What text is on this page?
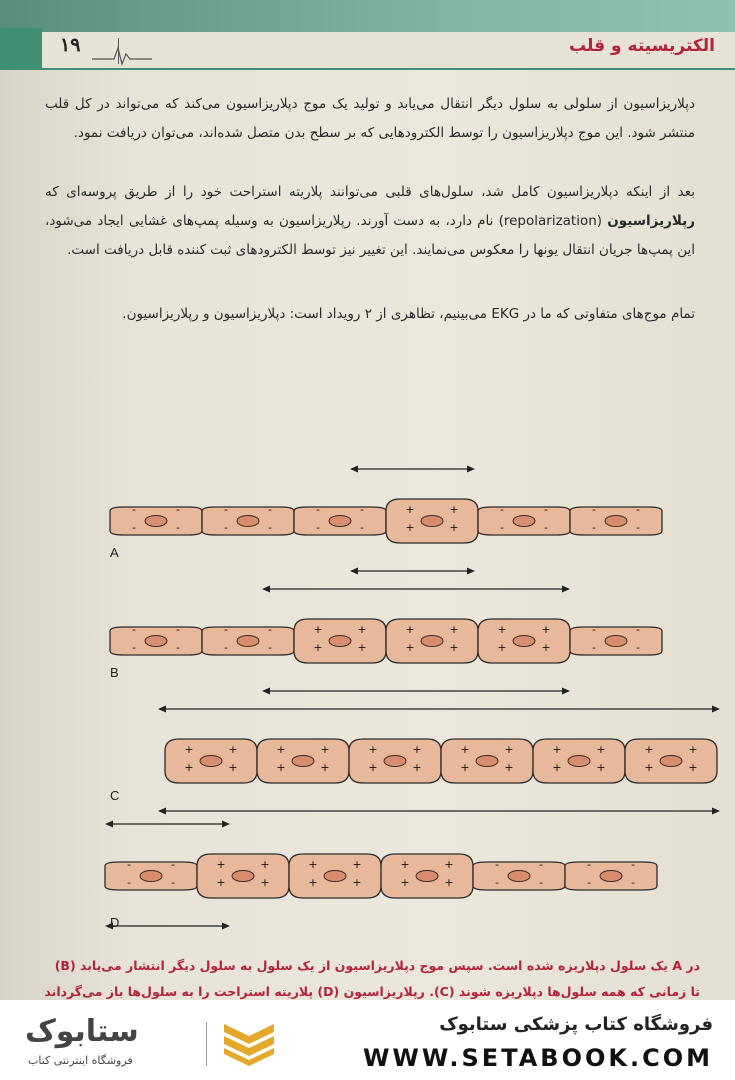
۱۹	الکتریسیته و قلب
دپلاریزاسیون از سلولی به سلول دیگر انتقال می‌یابد و تولید یک موج دپلاریزاسیون می‌کند که می‌تواند در کل قلب منتشر شود. این موج دپلاریزاسیون را توسط الکترودهایی که بر سطح بدن متصل شده‌اند، می‌توان دریافت نمود.
بعد از اینکه دپلاریزاسیون کامل شد، سلول‌های قلبی می‌توانند پلاریته استراحت خود را از طریق پروسه‌ای که رپلاریزاسیون (repolarization) نام دارد، به دست آورند. رپلاریزاسیون به وسیله پمپ‌های غشایی ایجاد می‌شود، این پمپ‌ها جریان انتقال یونها را معکوس می‌نمایند. این تغییر نیز توسط الکترودهای ثبت کننده قابل دریافت است.
تمام موج‌های متفاوتی که ما در EKG می‌بینیم، تظاهری از ۲ رویداد است: دپلاریزاسیون و رپلاریزاسیون.
-	-
-	-
-	-
-	-
-	-
-	-
+	+
+	+
-	-
-	-
-	-
-	-
-	-
-	-
-	-
-	-
+	+
+	+
+	+
+	+
+	+
+	+
-	-
-	-
+	+
+	+
+	+
+	+
+	+
+	+
+	+
+	+
+	+
+	+
+	+
+	+
-	-
-	-
+	+
+	+
+	+
+	+
+	+
+	+
-	-
-	-
-	-
-	-
A
B
C
D
در A یک سلول دپلاریزه شده است. سپس موج دپلاریزاسیون از یک سلول به سلول دیگر انتشار می‌یابد (B)
تا زمانی که همه سلول‌ها دپلاریزه شوند (C). رپلاریزاسیون (D) پلاریته استراحت را به سلول‌ها باز می‌گرداند
ستابوک
فروشگاه اینترنتی کتاب
فروشگاه کتاب پزشکی ستابوک
WWW.SETABOOK.COM
